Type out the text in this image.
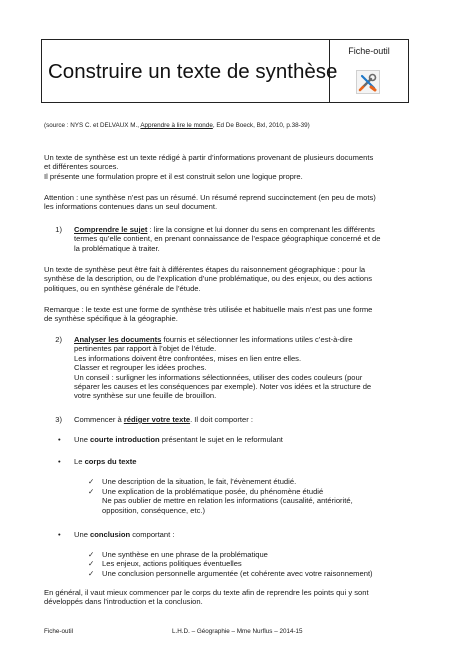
Construire un texte de synthèse
Fiche-outil
(source : NYS C. et DELVAUX M., Apprendre à lire le monde, Ed De Boeck, Bxl, 2010, p.38-39)
Un texte de synthèse est un texte rédigé à partir d’informations provenant de plusieurs documents
et différentes sources.
Il présente une formulation propre et il est construit selon une logique propre.
Attention : une synthèse n’est pas un résumé. Un résumé reprend succinctement (en peu de mots)
les informations contenues dans un seul document.
1) Comprendre le sujet : lire la consigne et lui donner du sens en comprenant les différents
termes qu’elle contient, en prenant connaissance de l’espace géographique concerné et de
la problématique à traiter.
Un texte de synthèse peut être fait à différentes étapes du raisonnement géographique : pour la
synthèse de la description, ou de l’explication d’une problématique, ou des enjeux, ou des actions
politiques, ou en synthèse générale de l’étude.
Remarque : le texte est une forme de synthèse très utilisée et habituelle mais n’est pas une forme
de synthèse spécifique à la géographie.
2) Analyser les documents fournis et sélectionner les informations utiles c’est-à-dire
pertinentes par rapport à l’objet de l’étude.
Les informations doivent être confrontées, mises en lien entre elles.
Classer et regrouper les idées proches.
Un conseil : surligner les informations sélectionnées, utiliser des codes couleurs (pour
séparer les causes et les conséquences par exemple). Noter vos idées et la structure de
votre synthèse sur une feuille de brouillon.
3) Commencer à rédiger votre texte. Il doit comporter :
• Une courte introduction présentant le sujet en le reformulant
• Le corps du texte
✓ Une description de la situation, le fait, l’évènement étudié.
✓ Une explication de la problématique posée, du phénomène étudié
Ne pas oublier de mettre en relation les informations (causalité, antériorité,
opposition, conséquence, etc.)
• Une conclusion comportant :
✓ Une synthèse en une phrase de la problématique
✓ Les enjeux, actions politiques éventuelles
✓ Une conclusion personnelle argumentée (et cohérente avec votre raisonnement)
En général, il vaut mieux commencer par le corps du texte afin de reprendre les points qui y sont
développés dans l’introduction et la conclusion.
Fiche-outil	L.H.D. – Géographie – Mme Nurflus – 2014-15
